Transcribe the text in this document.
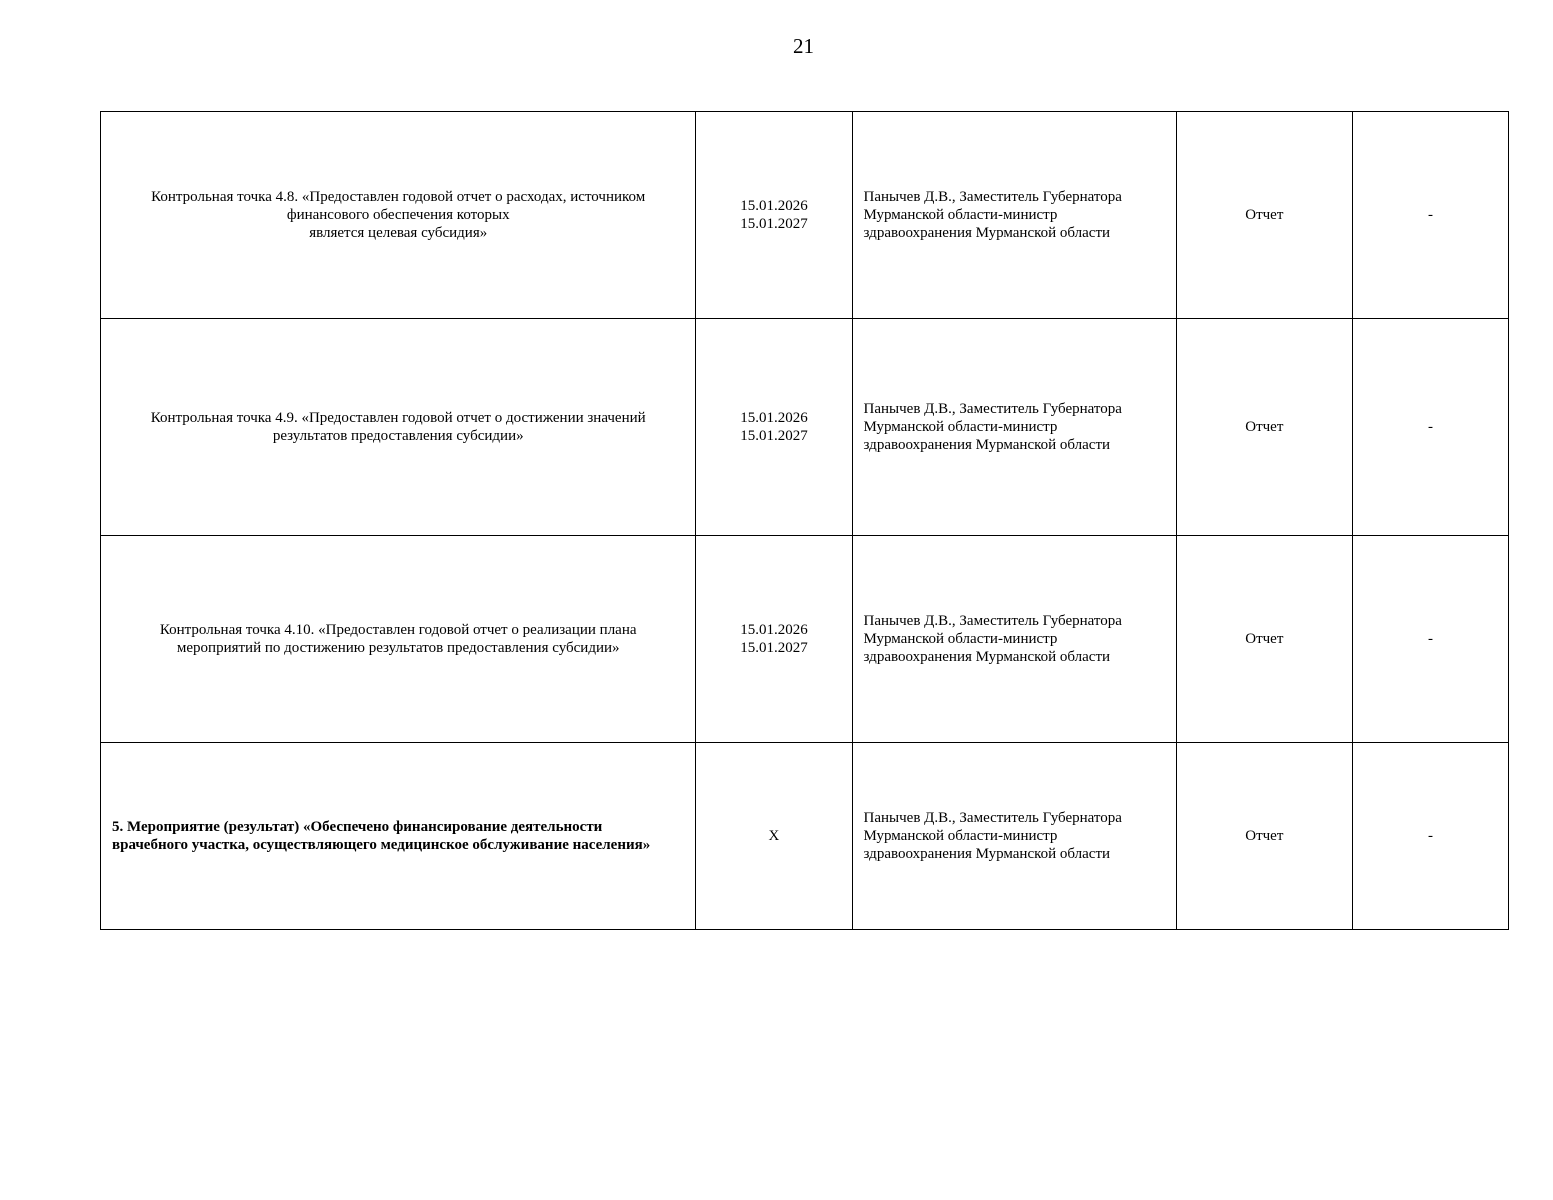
21
Контрольная точка 4.8. «Предоставлен годовой отчет о расходах, источником
финансового обеспечения которых
является целевая субсидия»	15.01.2026
15.01.2027	Панычев Д.В., Заместитель Губернатора
Мурманской области-министр
здравоохранения Мурманской области	Отчет	-

Контрольная точка 4.9. «Предоставлен годовой отчет о достижении значений
результатов предоставления субсидии»	15.01.2026
15.01.2027	Панычев Д.В., Заместитель Губернатора
Мурманской области-министр
здравоохранения Мурманской области	Отчет	-

Контрольная точка 4.10. «Предоставлен годовой отчет о реализации плана
мероприятий по достижению результатов предоставления субсидии»	15.01.2026
15.01.2027	Панычев Д.В., Заместитель Губернатора
Мурманской области-министр
здравоохранения Мурманской области	Отчет	-

5. Мероприятие (результат) «Обеспечено финансирование деятельности
врачебного участка, осуществляющего медицинское обслуживание населения»	X	Панычев Д.В., Заместитель Губернатора
Мурманской области-министр
здравоохранения Мурманской области	Отчет	-
